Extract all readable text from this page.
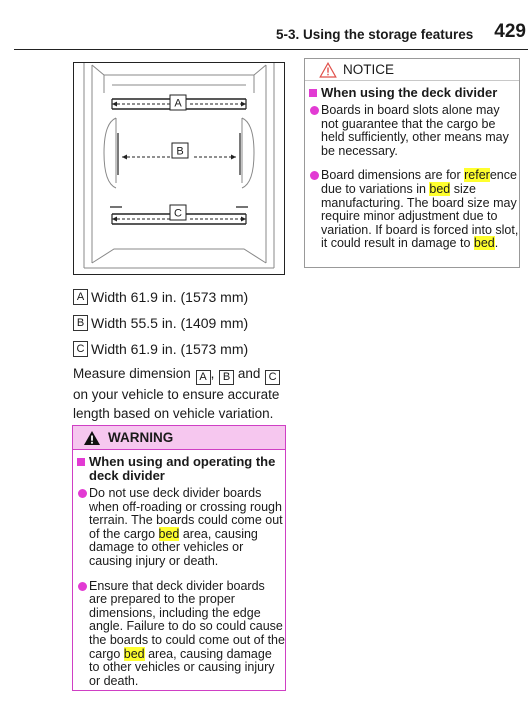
5-3. Using the storage features 429
A
B
C
A Width 61.9 in. (1573 mm)
B Width 55.5 in. (1409 mm)
C Width 61.9 in. (1573 mm)
Measure dimension A , B and C on your vehicle to ensure accurate length based on vehicle variation.
WARNING
When using and operating the deck divider
Do not use deck divider boards when off-roading or crossing rough terrain. The boards could come out of the cargo bed area, causing damage to other vehicles or causing injury or death.
Ensure that deck divider boards are prepared to the proper dimensions, including the edge angle. Failure to do so could cause the boards to could come out of the cargo bed area, causing damage to other vehicles or causing injury or death.
NOTICE
When using the deck divider
Boards in board slots alone may not guarantee that the cargo be held sufficiently, other means may be necessary.
Board dimensions are for reference due to variations in bed size manufacturing. The board size may require minor adjustment due to variation. If board is forced into slot, it could result in damage to bed.
